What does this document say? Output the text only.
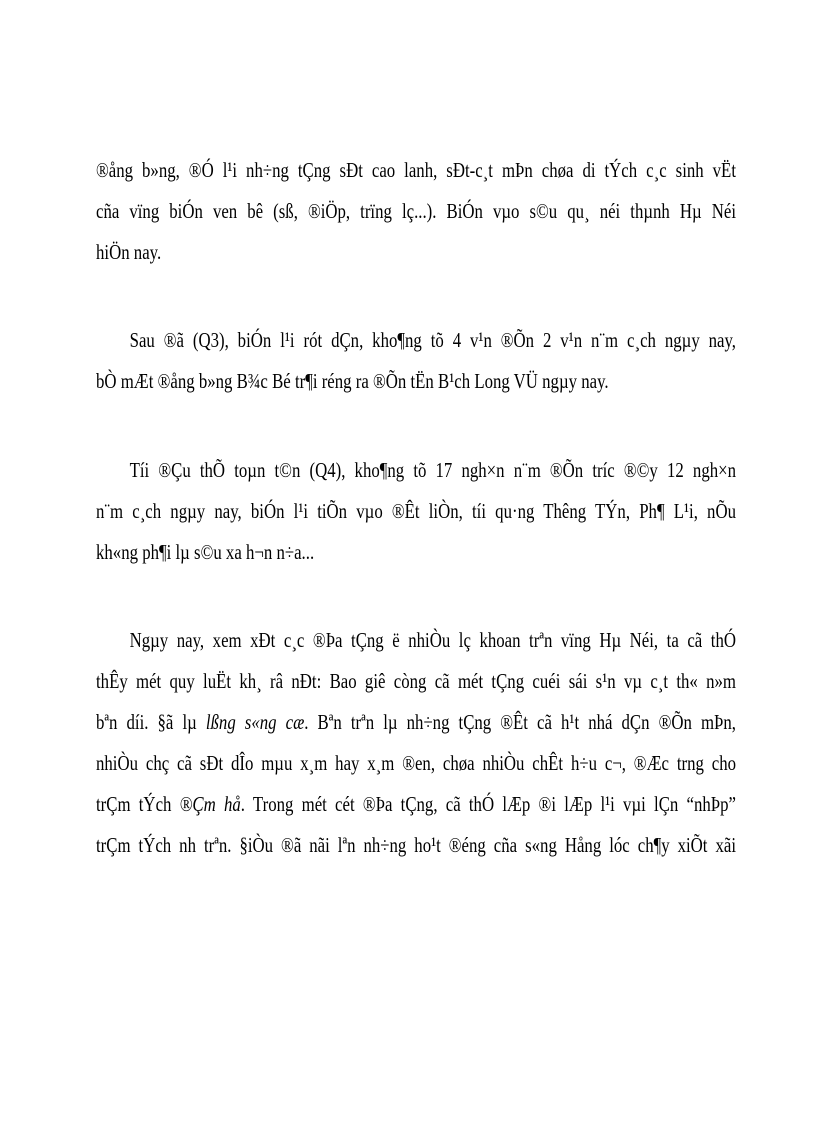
®ång b»ng, ®Ó l¹i nh÷ng tÇng sÐt cao lanh, sÐt-c¸t mÞn chøa di tÝch c¸c sinh vËt
cña vïng biÓn ven bê (sß, ®iÖp, trïng lç...). BiÓn vµo s©u qu¸ néi thµnh Hµ Néi
hiÖn nay.
Sau ®ã (Q3), biÓn l¹i rót dÇn, kho¶ng tõ 4 v¹n ®Õn 2 v¹n n¨m c¸ch ngµy nay,
bÒ mÆt ®ång b»ng B¾c Bé tr¶i réng ra ®Õn tËn B¹ch Long VÜ ngµy nay.
Tíi ®Çu thÕ toµn t©n (Q4), kho¶ng tõ 17 ngh×n n¨m ®Õn tríc ®©y 12 ngh×n
n¨m c¸ch ngµy nay, biÓn l¹i tiÕn vµo ®Êt liÒn, tíi qu·ng Thêng TÝn, Ph¶ L¹i, nÕu
kh«ng ph¶i lµ s©u xa h¬n n÷a...
Ngµy nay, xem xÐt c¸c ®Þa tÇng ë nhiÒu lç khoan trªn vïng Hµ Néi, ta cã thÓ
thÊy mét quy luËt kh¸ râ nÐt: Bao giê còng cã mét tÇng cuéi sái s¹n vµ c¸t th« n»m
bªn díi. §ã lµ lßng s«ng cæ. Bªn trªn lµ nh÷ng tÇng ®Êt cã h¹t nhá dÇn ®Õn mÞn,
nhiÒu chç cã sÐt dÎo mµu x¸m hay x¸m ®en, chøa nhiÒu chÊt h÷u c¬, ®Æc trng cho
trÇm tÝch ®Çm hå. Trong mét cét ®Þa tÇng, cã thÓ lÆp ®i lÆp l¹i vµi lÇn “nhÞp”
trÇm tÝch nh trªn. §iÒu ®ã nãi lªn nh÷ng ho¹t ®éng cña s«ng Hång lóc ch¶y xiÕt xãi
